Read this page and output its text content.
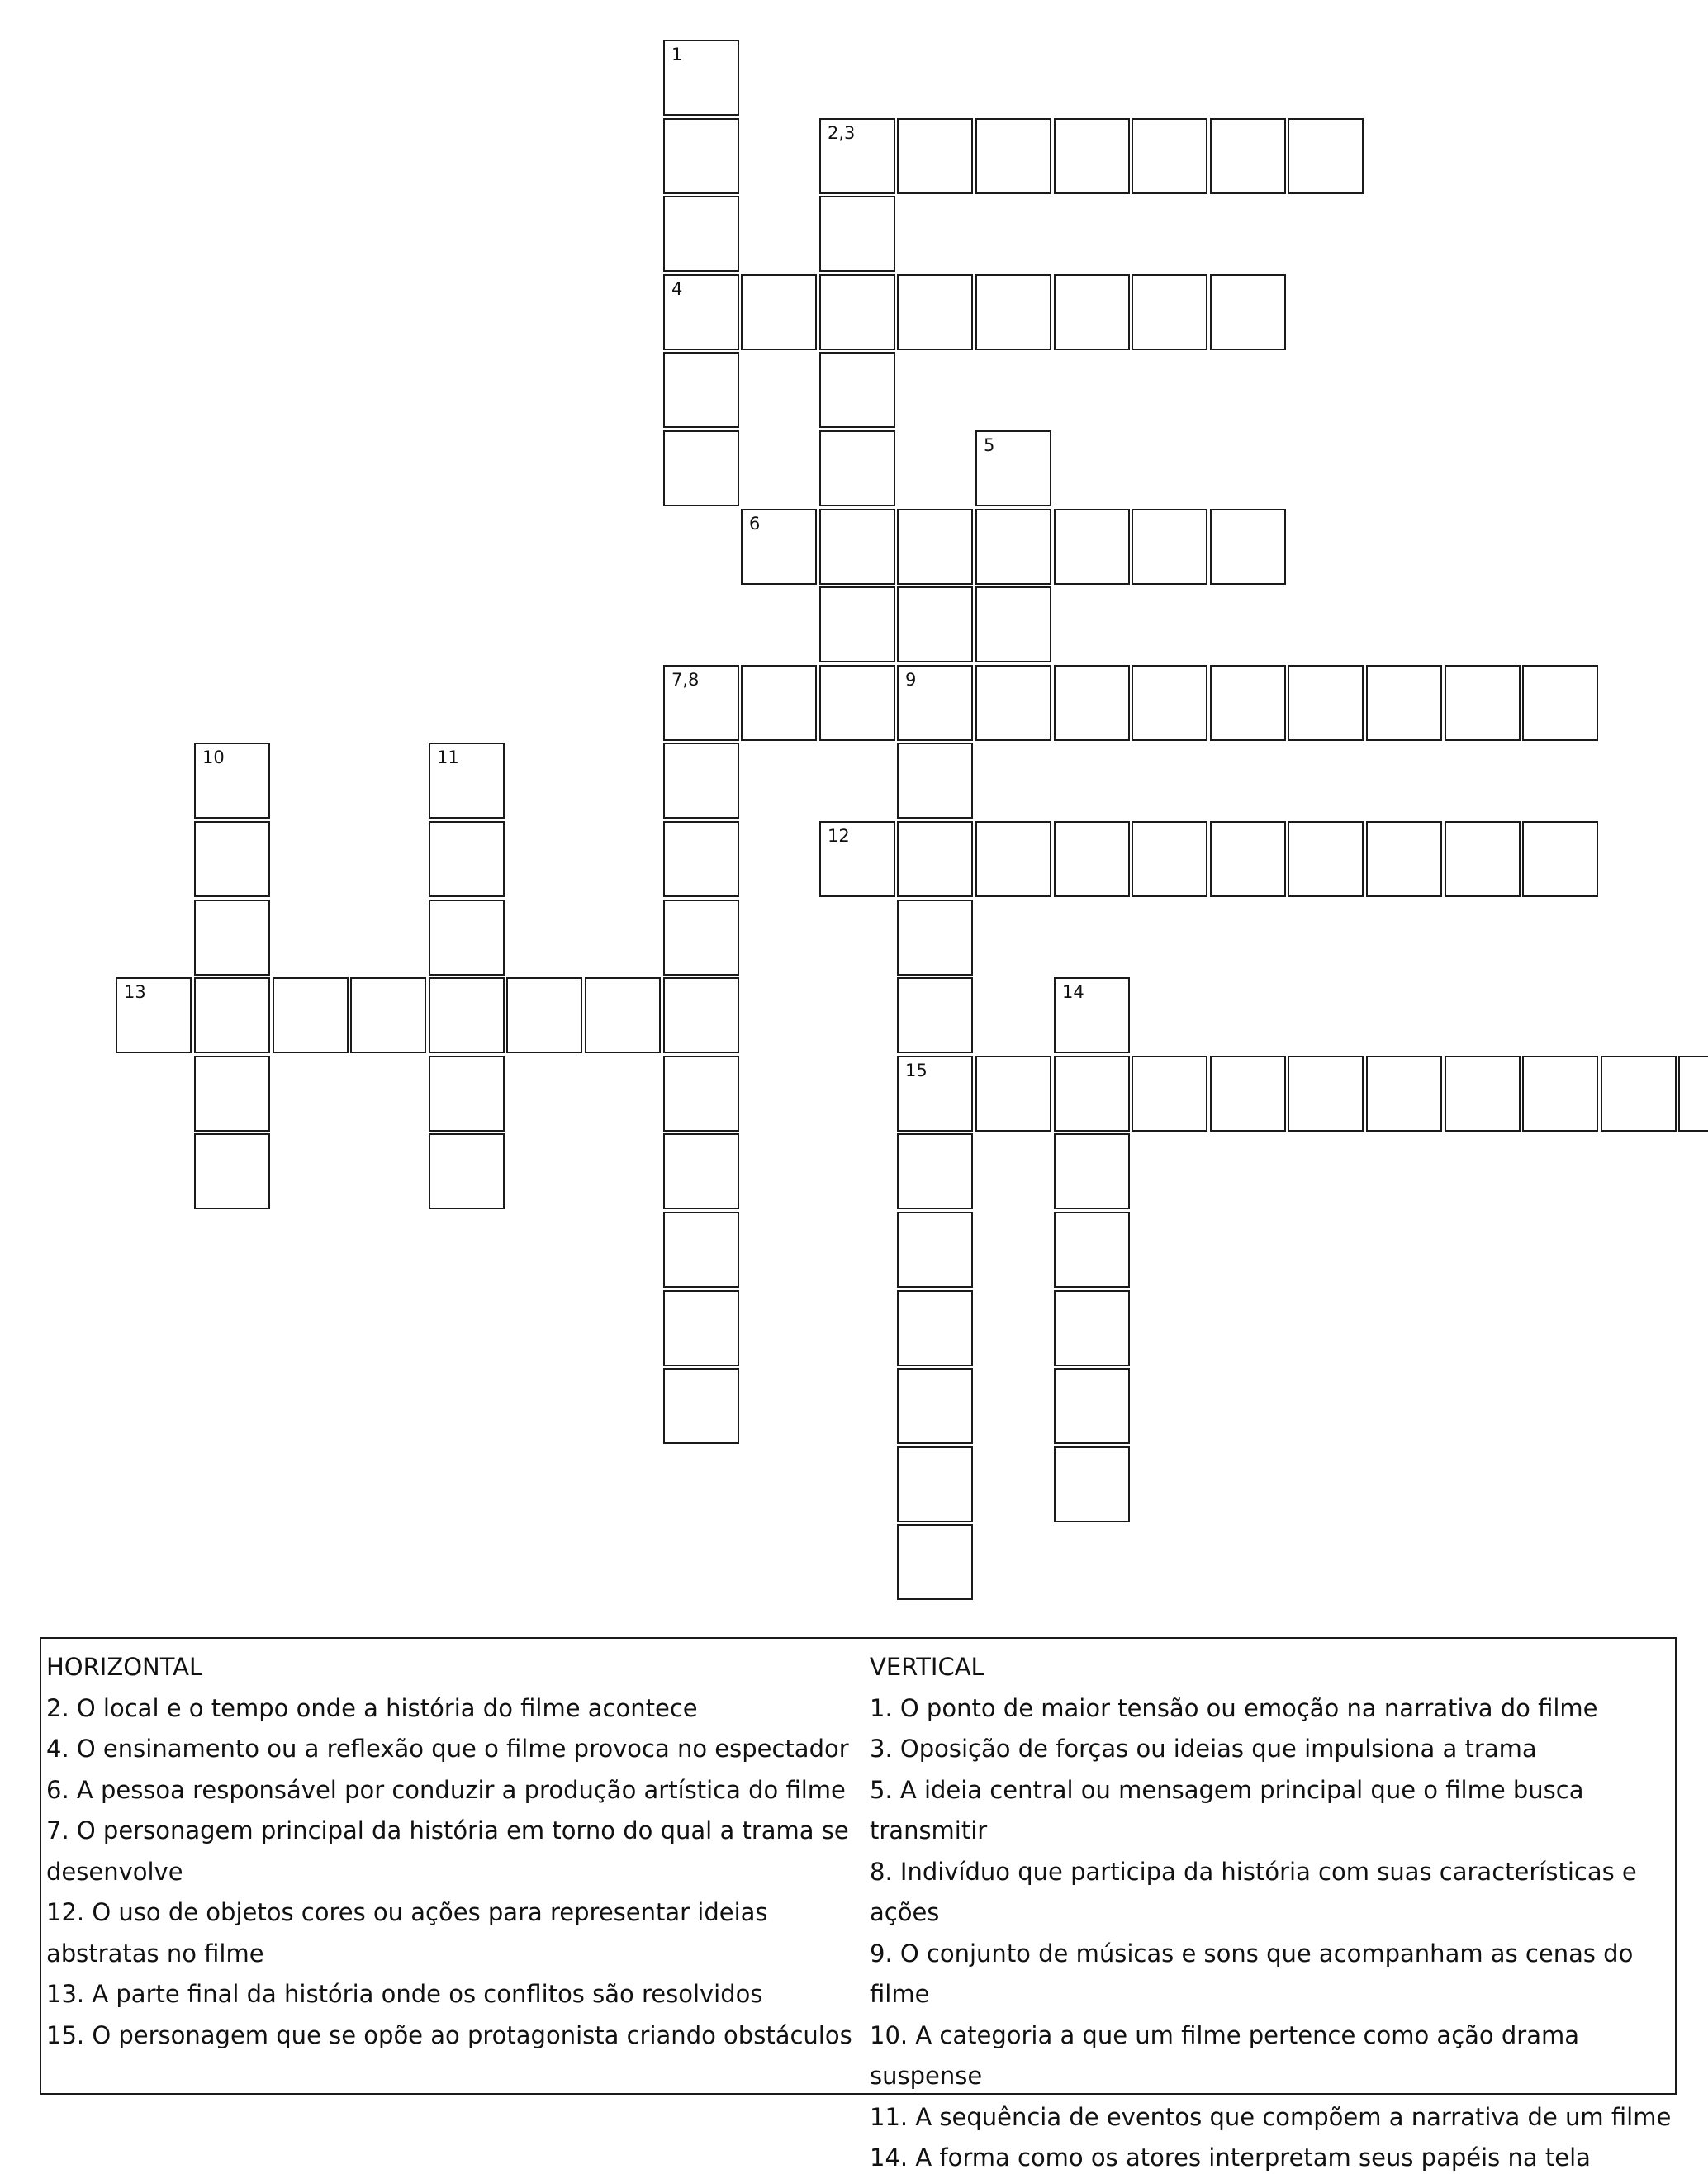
1
4
2,3
5
6
7,8	9
10	11
12
13	14
15
HORIZONTAL
2. O local e o tempo onde a história do filme acontece
4. O ensinamento ou a reflexão que o filme provoca no espectador
6. A pessoa responsável por conduzir a produção artística do filme
7. O personagem principal da história em torno do qual a trama se desenvolve
12. O uso de objetos cores ou ações para representar ideias abstratas no filme
13. A parte final da história onde os conflitos são resolvidos
15. O personagem que se opõe ao protagonista criando obstáculos
VERTICAL
1. O ponto de maior tensão ou emoção na narrativa do filme
3. Oposição de forças ou ideias que impulsiona a trama
5. A ideia central ou mensagem principal que o filme busca transmitir
8. Indivíduo que participa da história com suas características e ações
9. O conjunto de músicas e sons que acompanham as cenas do filme
10. A categoria a que um filme pertence como ação drama suspense
11. A sequência de eventos que compõem a narrativa de um filme
14. A forma como os atores interpretam seus papéis na tela
